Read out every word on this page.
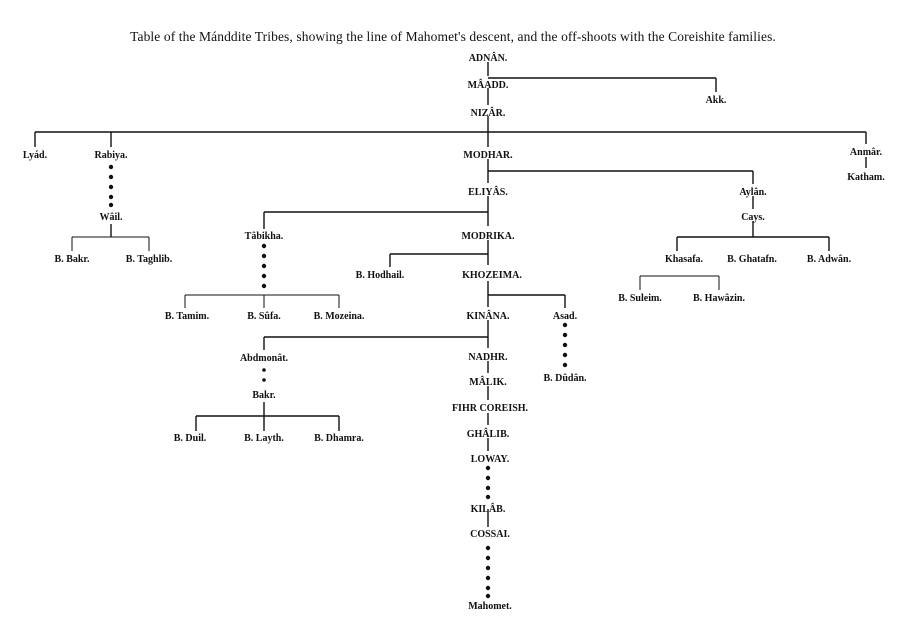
Table of the Mánddite Tribes, showing the line of Mahomet's descent, and the off-shoots with the Coreishite families.
ADNÂN.
MÂADD.
Akk.
NIZÂR.
Lyád.	Rabiya.	MODHAR.	Anmâr.
Katham.
Wâil.
B. Bakr.	B. Taghlib.
ELIYÂS.	Aylân.
Cays.
Tâbikha.	MODRIKA.
Khasafa. B. Ghatafn.	B. Adwân.
B. Hodhail.	KHOZEIMA.
B. Suleim.	B. Hawâzin.
B. Tamim.	B. Sûfa.	B. Mozeina.	KINÂNA.	Asad.
Abdmonât.	NADHR.
MÂLIK.	B. Dûdân.
Bakr.
FIHR COREISH.
B. Duil.	B. Layth.	B. Dhamra.	GHÂLIB.
LOWAY.
KILÂB.
COSSAI.
Mahomet.
